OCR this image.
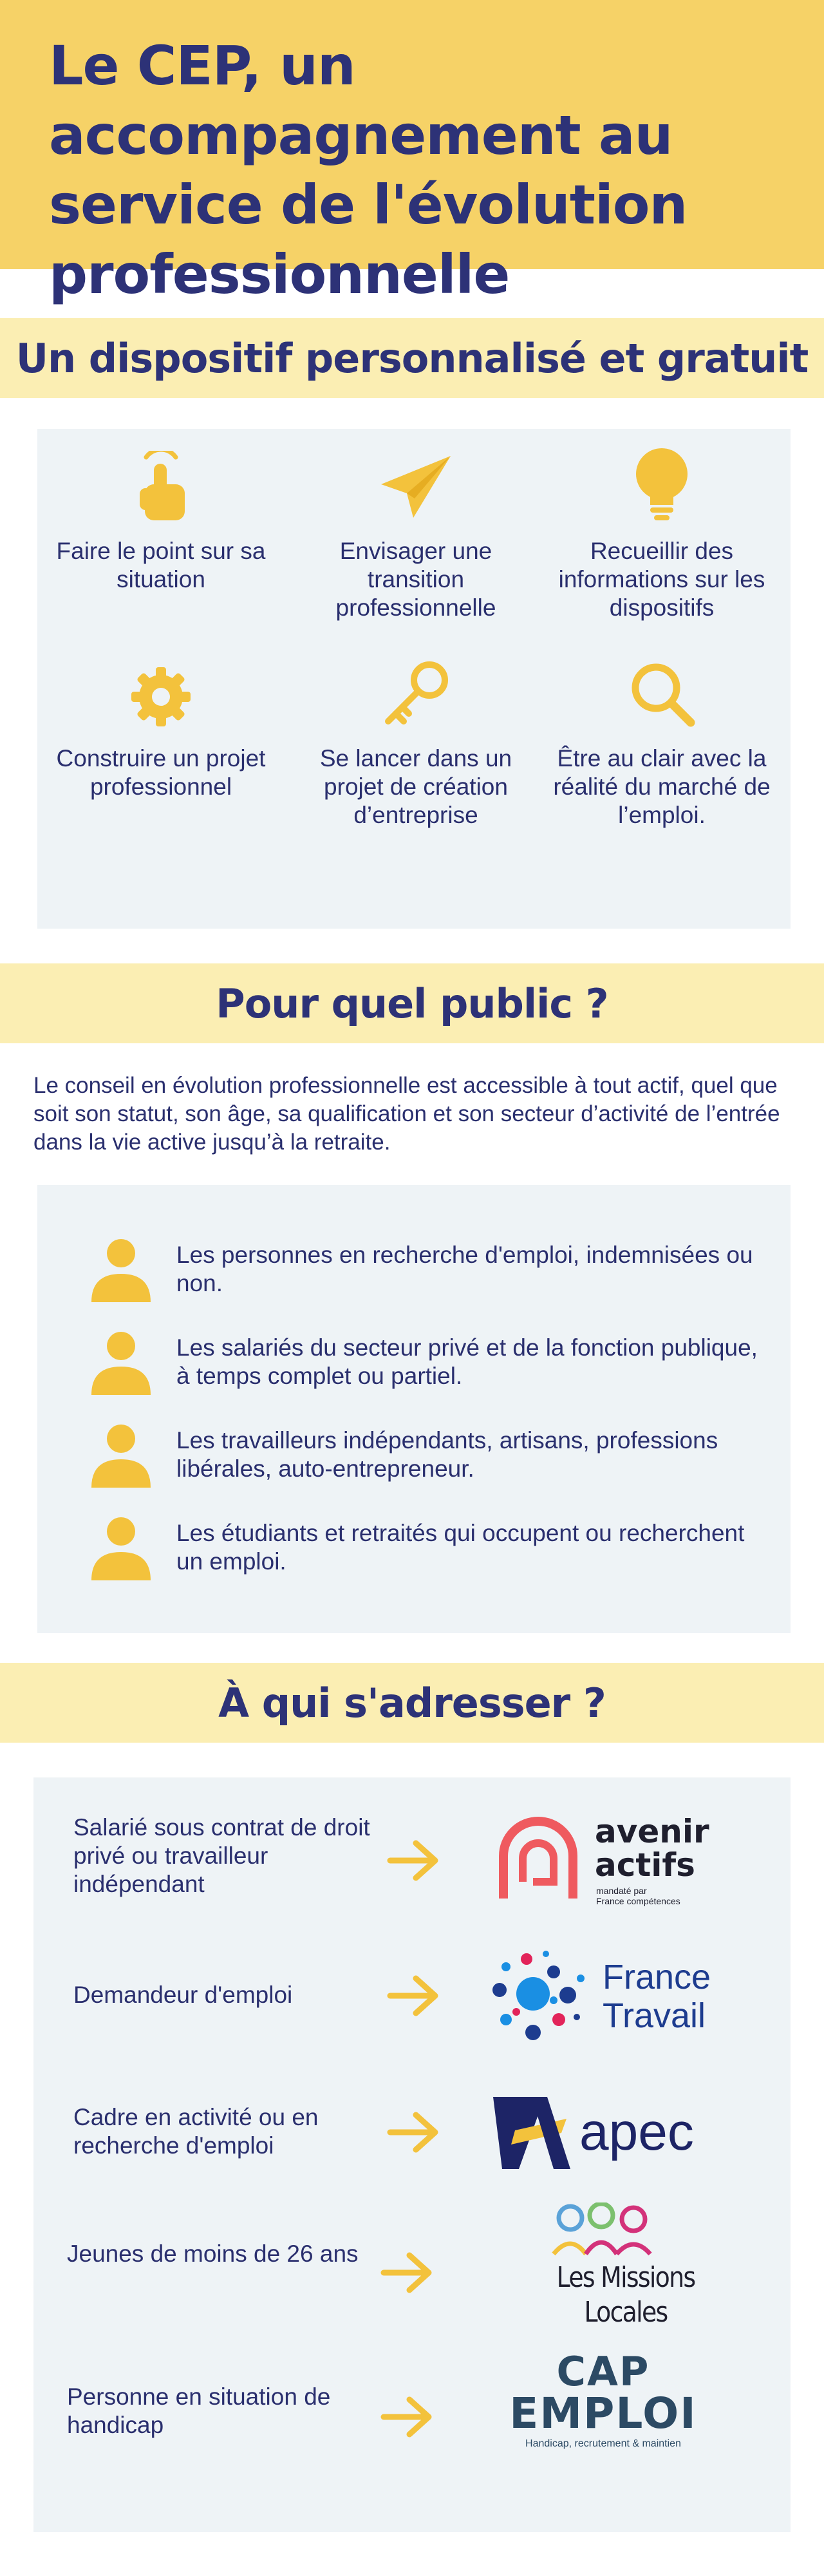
Le CEP, un accompagnement au service de l'évolution professionnelle
Un dispositif personnalisé et gratuit
Faire le point sur sa situation
Envisager une transition professionnelle
Recueillir des informations sur les dispositifs
Construire un projet professionnel
Se lancer dans un projet de création d’entreprise
Être au clair avec la réalité du marché de l’emploi.
Pour quel public ?

Le conseil en évolution professionnelle est accessible à tout actif, quel que soit son statut, son âge, sa qualification et son secteur d’activité de l’entrée dans la vie active jusqu’à la retraite.

Les personnes en recherche d'emploi, indemnisées ou non.
Les salariés du secteur privé et de la fonction publique, à temps complet ou partiel.
Les travailleurs indépendants, artisans, professions libérales, auto-entrepreneur.
Les étudiants et retraités qui occupent ou recherchent un emploi.
À qui s'adresser ?
Salarié sous contrat de droit privé ou travailleur indépendant
avenir
actifs
mandaté par
France compétences
Demandeur d'emploi	France
Travail
Cadre en activité ou en recherche d'emploi	apec
Jeunes de moins de 26 ans
Les Missions Locales
Personne en situation de handicap
CAP
EMPLOI
Handicap, recrutement & maintien
